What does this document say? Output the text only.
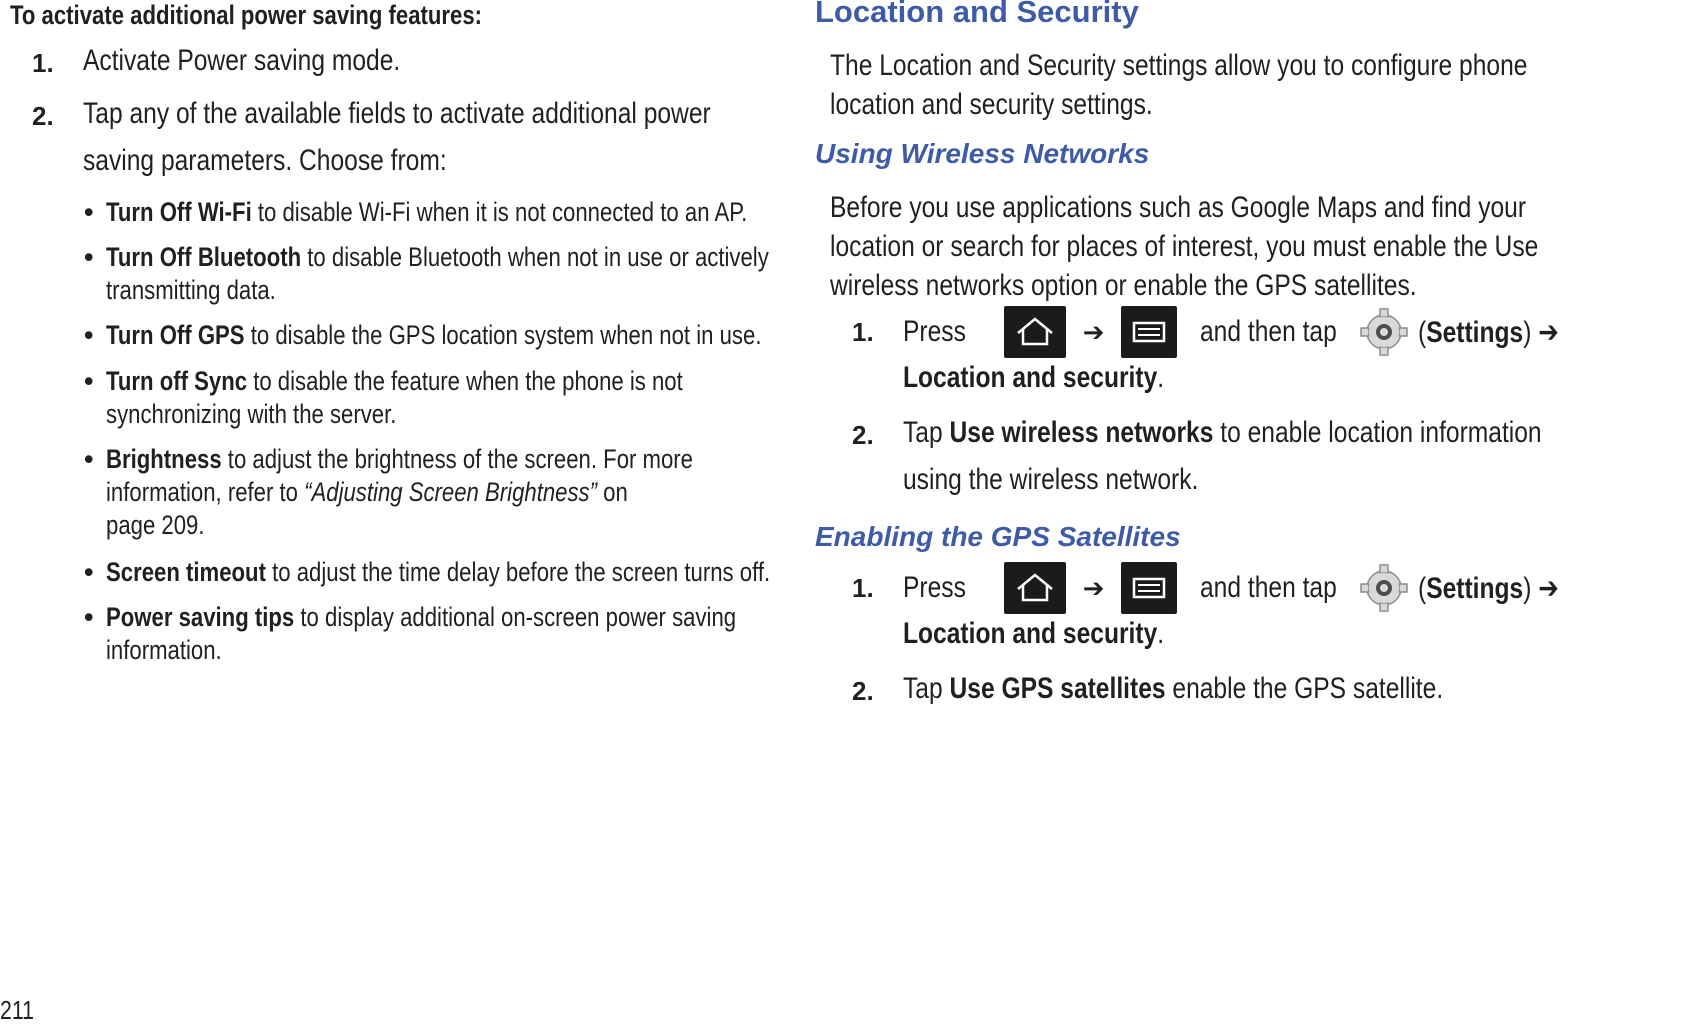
To activate additional power saving features:
1. Activate Power saving mode.
2. Tap any of the available fields to activate additional power
saving parameters. Choose from:
• Turn Off Wi-Fi to disable Wi-Fi when it is not connected to an AP.
• Turn Off Bluetooth to disable Bluetooth when not in use or actively
transmitting data.
• Turn Off GPS to disable the GPS location system when not in use.
• Turn off Sync to disable the feature when the phone is not
synchronizing with the server.
• Brightness to adjust the brightness of the screen. For more
information, refer to “Adjusting Screen Brightness” on
page 209.
• Screen timeout to adjust the time delay before the screen turns off.
• Power saving tips to display additional on-screen power saving
information.
211
Location and Security
The Location and Security settings allow you to configure phone
location and security settings.
Using Wireless Networks
Before you use applications such as Google Maps and find your
location or search for places of interest, you must enable the Use
wireless networks option or enable the GPS satellites.
1. Press	➔	and then tap	(Settings) ➔
Location and security.
2. Tap Use wireless networks to enable location information
using the wireless network.
Enabling the GPS Satellites
1. Press	➔	and then tap	(Settings) ➔
Location and security.
2. Tap Use GPS satellites enable the GPS satellite.
